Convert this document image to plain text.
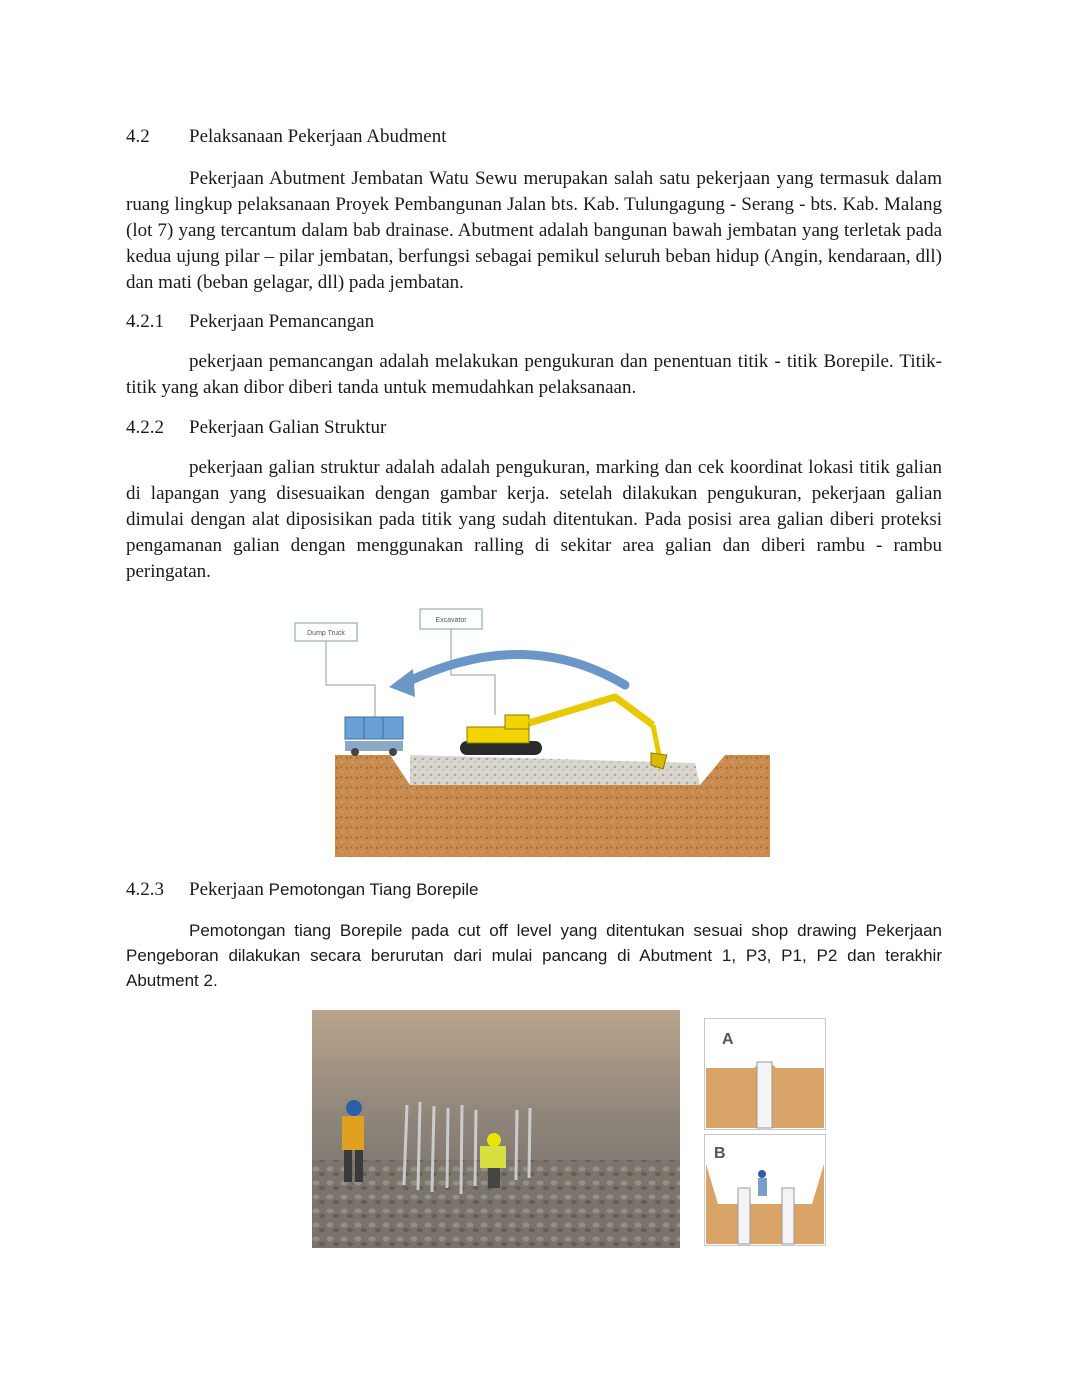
4.2 Pelaksanaan Pekerjaan Abudment
Pekerjaan Abutment Jembatan Watu Sewu merupakan salah satu pekerjaan yang termasuk dalam ruang lingkup pelaksanaan Proyek Pembangunan Jalan bts. Kab. Tulungagung - Serang - bts. Kab. Malang (lot 7) yang tercantum dalam bab drainase. Abutment adalah bangunan bawah jembatan yang terletak pada kedua ujung pilar – pilar jembatan, berfungsi sebagai pemikul seluruh beban hidup (Angin, kendaraan, dll) dan mati (beban gelagar, dll) pada jembatan.
4.2.1 Pekerjaan Pemancangan
pekerjaan pemancangan adalah melakukan pengukuran dan penentuan titik - titik Borepile. Titik-titik yang akan dibor diberi tanda untuk memudahkan pelaksanaan.
4.2.2 Pekerjaan Galian Struktur
pekerjaan galian struktur adalah adalah pengukuran, marking dan cek koordinat lokasi titik galian di lapangan yang disesuaikan dengan gambar kerja. setelah dilakukan pengukuran, pekerjaan galian dimulai dengan alat diposisikan pada titik yang sudah ditentukan. Pada posisi area galian diberi proteksi pengamanan galian dengan menggunakan ralling di sekitar area galian dan diberi rambu - rambu peringatan.
Dump Truck
Excavator
4.2.3 Pekerjaan Pemotongan Tiang Borepile
Pemotongan tiang Borepile pada cut off level yang ditentukan sesuai shop drawing Pekerjaan Pengeboran dilakukan secara berurutan dari mulai pancang di Abutment 1, P3, P1, P2 dan terakhir Abutment 2.
A
B
